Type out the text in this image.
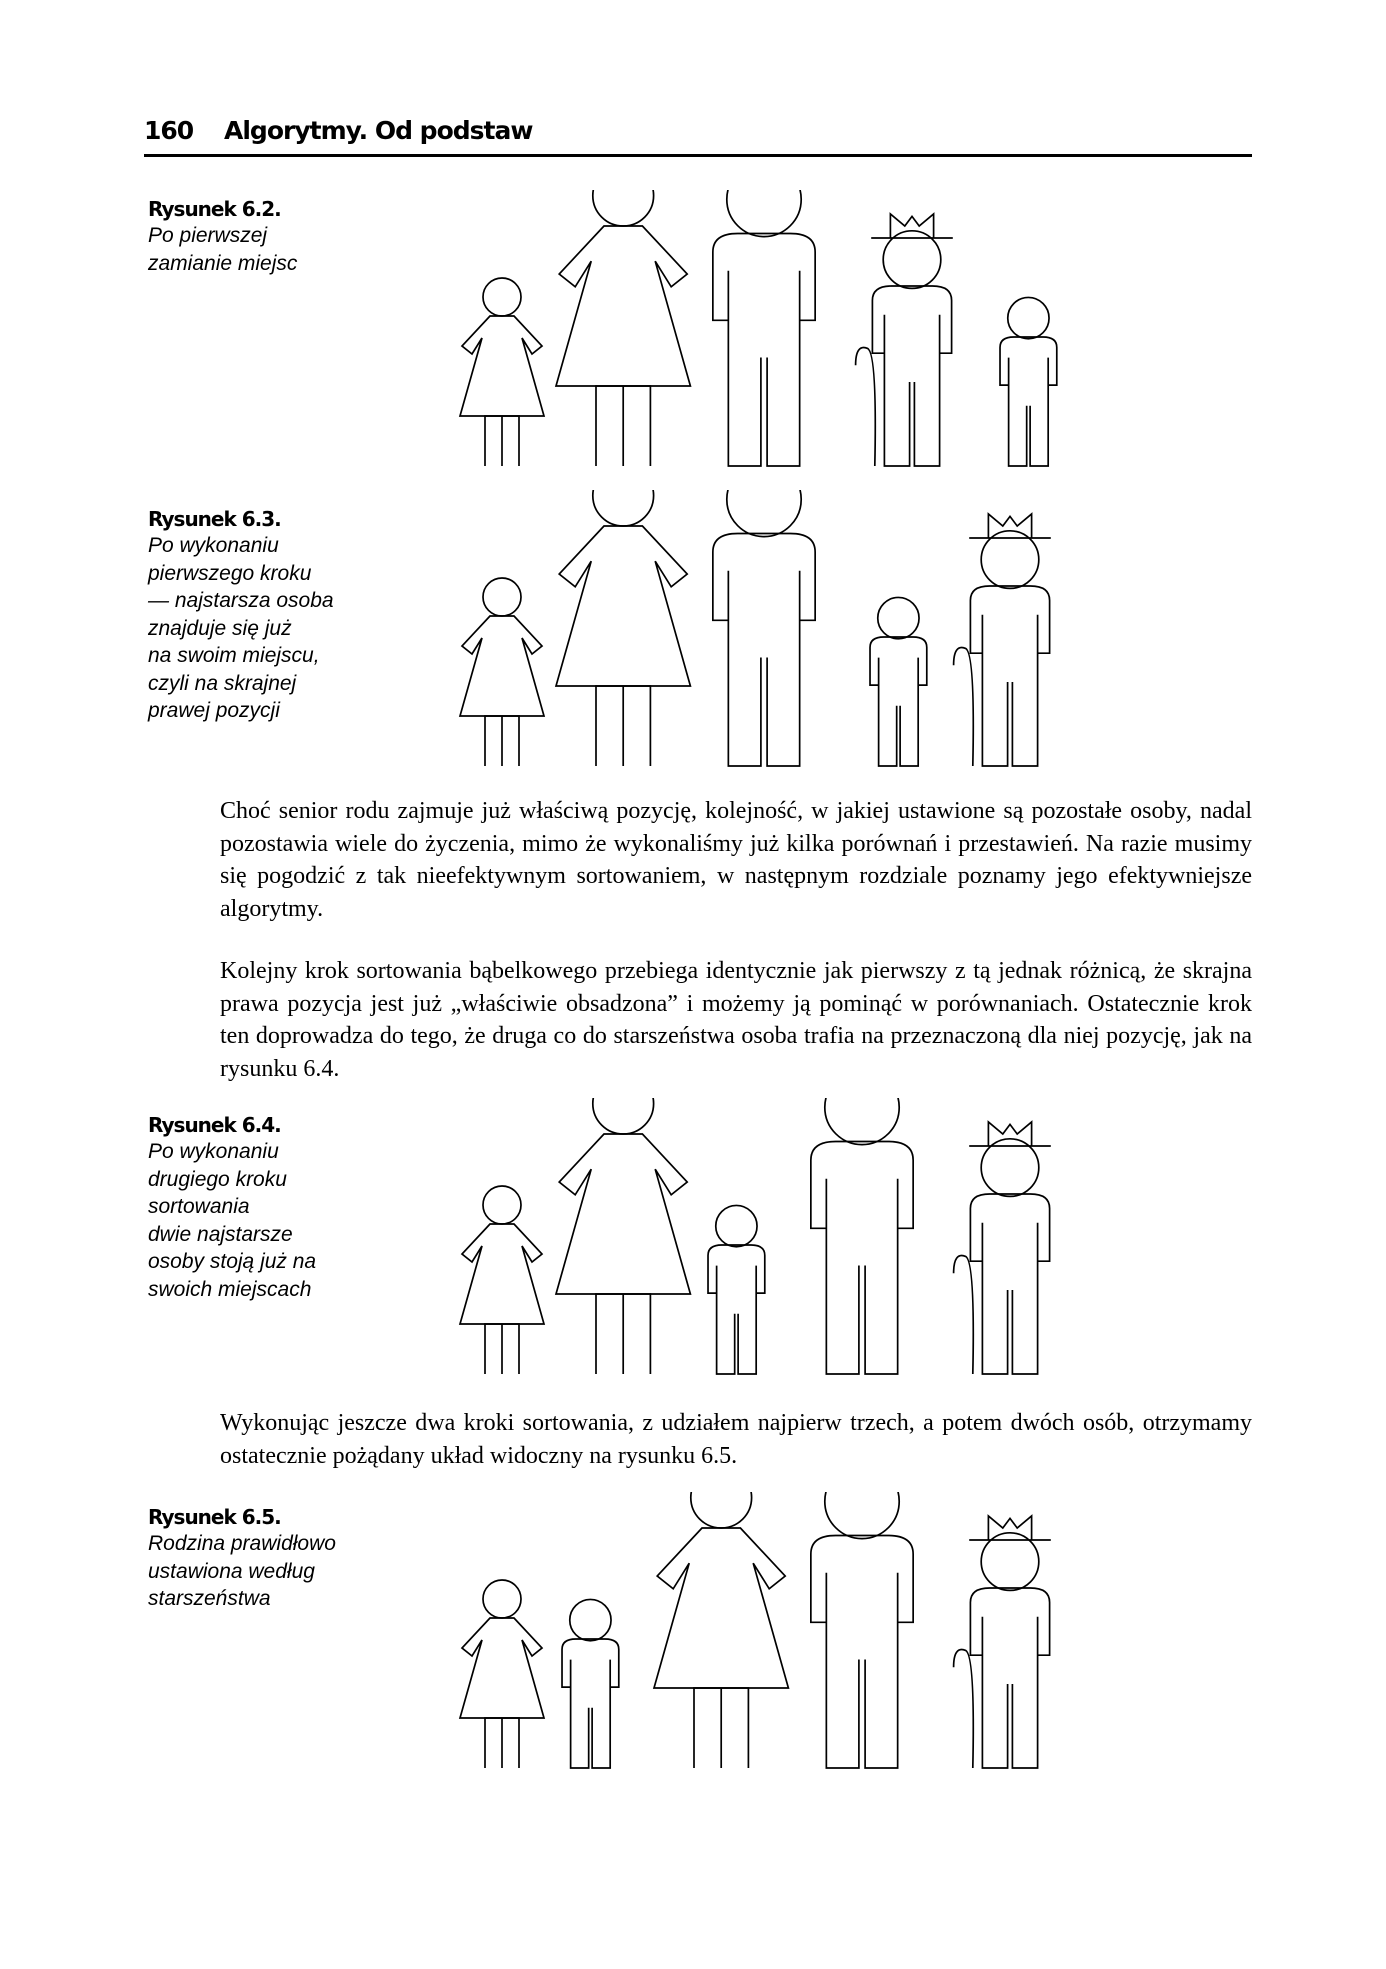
160 Algorytmy. Od podstaw
Rysunek 6.2.
Po pierwszej
zamianie miejsc
Rysunek 6.3.
Po wykonaniu
pierwszego kroku
— najstarsza osoba
znajduje się już
na swoim miejscu,
czyli na skrajnej
prawej pozycji

Choć senior rodu zajmuje już właściwą pozycję, kolejność, w jakiej ustawione są pozostałe osoby, nadal pozostawia wiele do życzenia, mimo że wykonaliśmy już kilka porównań i przestawień. Na razie musimy się pogodzić z tak nieefektywnym sortowaniem, w następnym rozdziale poznamy jego efektywniejsze algorytmy.

Kolejny krok sortowania bąbelkowego przebiega identycznie jak pierwszy z tą jednak różnicą, że skrajna prawa pozycja jest już „właściwie obsadzona” i możemy ją pominąć w porównaniach. Ostatecznie krok ten doprowadza do tego, że druga co do starszeństwa osoba trafia na przeznaczoną dla niej pozycję, jak na rysunku 6.4.

Rysunek 6.4.
Po wykonaniu
drugiego kroku
sortowania
dwie najstarsze
osoby stoją już na
swoich miejscach

Wykonując jeszcze dwa kroki sortowania, z udziałem najpierw trzech, a potem dwóch osób, otrzymamy ostatecznie pożądany układ widoczny na rysunku 6.5.

Rysunek 6.5.
Rodzina prawidłowo
ustawiona według
starszeństwa
